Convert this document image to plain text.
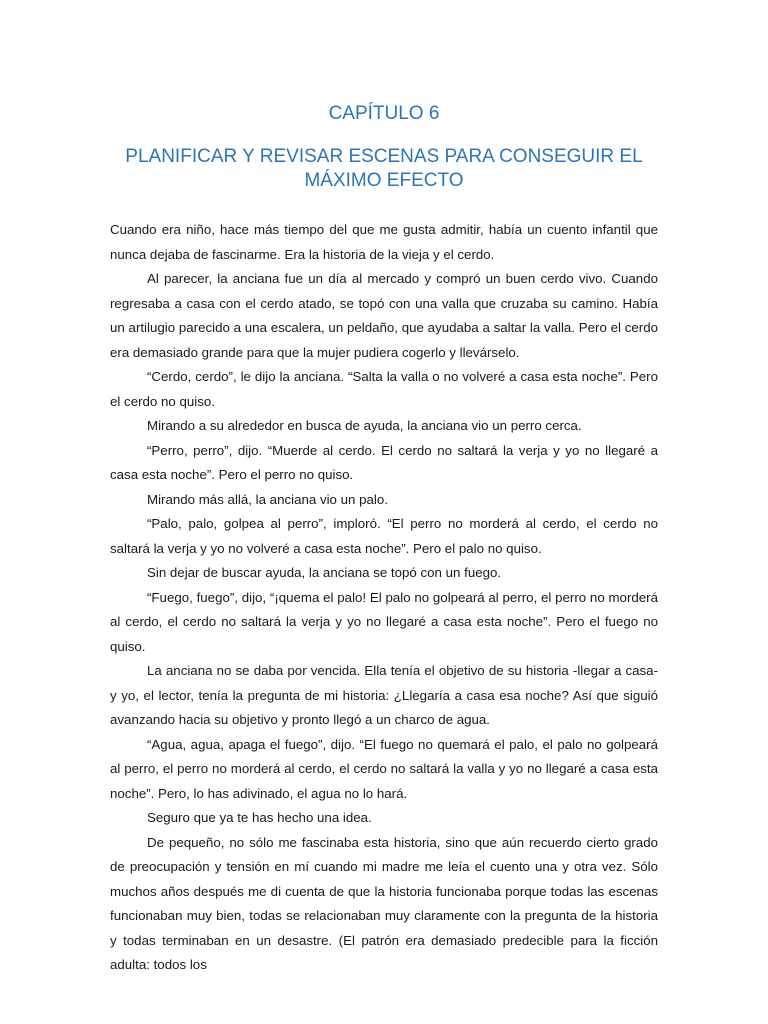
CAPÍTULO 6
PLANIFICAR Y REVISAR ESCENAS PARA CONSEGUIR EL MÁXIMO EFECTO

Cuando era niño, hace más tiempo del que me gusta admitir, había un cuento infantil que nunca dejaba de fascinarme. Era la historia de la vieja y el cerdo.

Al parecer, la anciana fue un día al mercado y compró un buen cerdo vivo. Cuando regresaba a casa con el cerdo atado, se topó con una valla que cruzaba su camino. Había un artilugio parecido a una escalera, un peldaño, que ayudaba a saltar la valla. Pero el cerdo era demasiado grande para que la mujer pudiera cogerlo y llevárselo.

“Cerdo, cerdo”, le dijo la anciana. “Salta la valla o no volveré a casa esta noche”. Pero el cerdo no quiso.

Mirando a su alrededor en busca de ayuda, la anciana vio un perro cerca.

“Perro, perro”, dijo. “Muerde al cerdo. El cerdo no saltará la verja y yo no llegaré a casa esta noche”. Pero el perro no quiso.

Mirando más allá, la anciana vio un palo.

“Palo, palo, golpea al perro”, imploró. “El perro no morderá al cerdo, el cerdo no saltará la verja y yo no volveré a casa esta noche”. Pero el palo no quiso.

Sin dejar de buscar ayuda, la anciana se topó con un fuego.

“Fuego, fuego”, dijo, “¡quema el palo! El palo no golpeará al perro, el perro no morderá al cerdo, el cerdo no saltará la verja y yo no llegaré a casa esta noche”. Pero el fuego no quiso.

La anciana no se daba por vencida. Ella tenía el objetivo de su historia -llegar a casa- y yo, el lector, tenía la pregunta de mi historia: ¿Llegaría a casa esa noche? Así que siguió avanzando hacia su objetivo y pronto llegó a un charco de agua.

“Agua, agua, apaga el fuego”, dijo. “El fuego no quemará el palo, el palo no golpeará al perro, el perro no morderá al cerdo, el cerdo no saltará la valla y yo no llegaré a casa esta noche”. Pero, lo has adivinado, el agua no lo hará.

Seguro que ya te has hecho una idea.

De pequeño, no sólo me fascinaba esta historia, sino que aún recuerdo cierto grado de preocupación y tensión en mí cuando mi madre me leía el cuento una y otra vez. Sólo muchos años después me di cuenta de que la historia funcionaba porque todas las escenas funcionaban muy bien, todas se relacionaban muy claramente con la pregunta de la historia y todas terminaban en un desastre. (El patrón era demasiado predecible para la ficción adulta: todos los
